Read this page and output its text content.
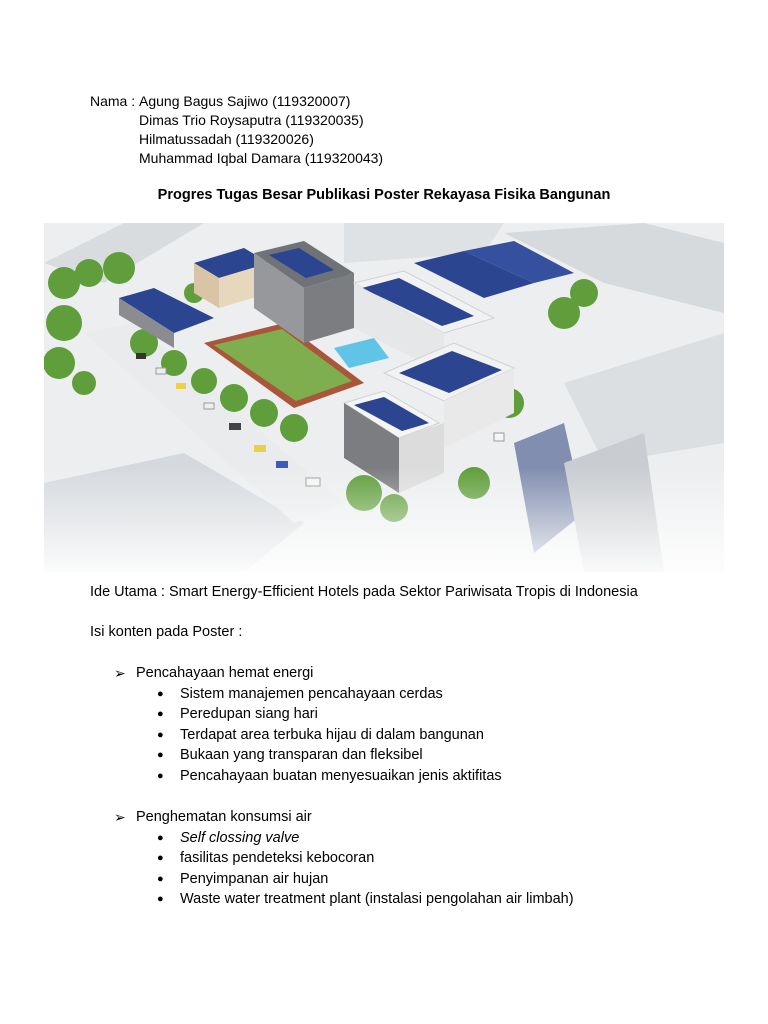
Nama : Agung Bagus Sajiwo (119320007)
Dimas Trio Roysaputra (119320035)
Hilmatussadah (119320026)
Muhammad Iqbal Damara (119320043)
Progres Tugas Besar Publikasi Poster Rekayasa Fisika Bangunan
Ide Utama : Smart Energy-Efficient Hotels pada Sektor Pariwisata Tropis di Indonesia
Isi konten pada Poster :
➢ Pencahayaan hemat energi
●	Sistem manajemen pencahayaan cerdas
●	Peredupan siang hari
●	Terdapat area terbuka hijau di dalam bangunan
●	Bukaan yang transparan dan fleksibel
●	Pencahayaan buatan menyesuaikan jenis aktifitas
➢ Penghematan konsumsi air
●	Self clossing valve
●	fasilitas pendeteksi kebocoran
●	Penyimpanan air hujan
●	Waste water treatment plant (instalasi pengolahan air limbah)
